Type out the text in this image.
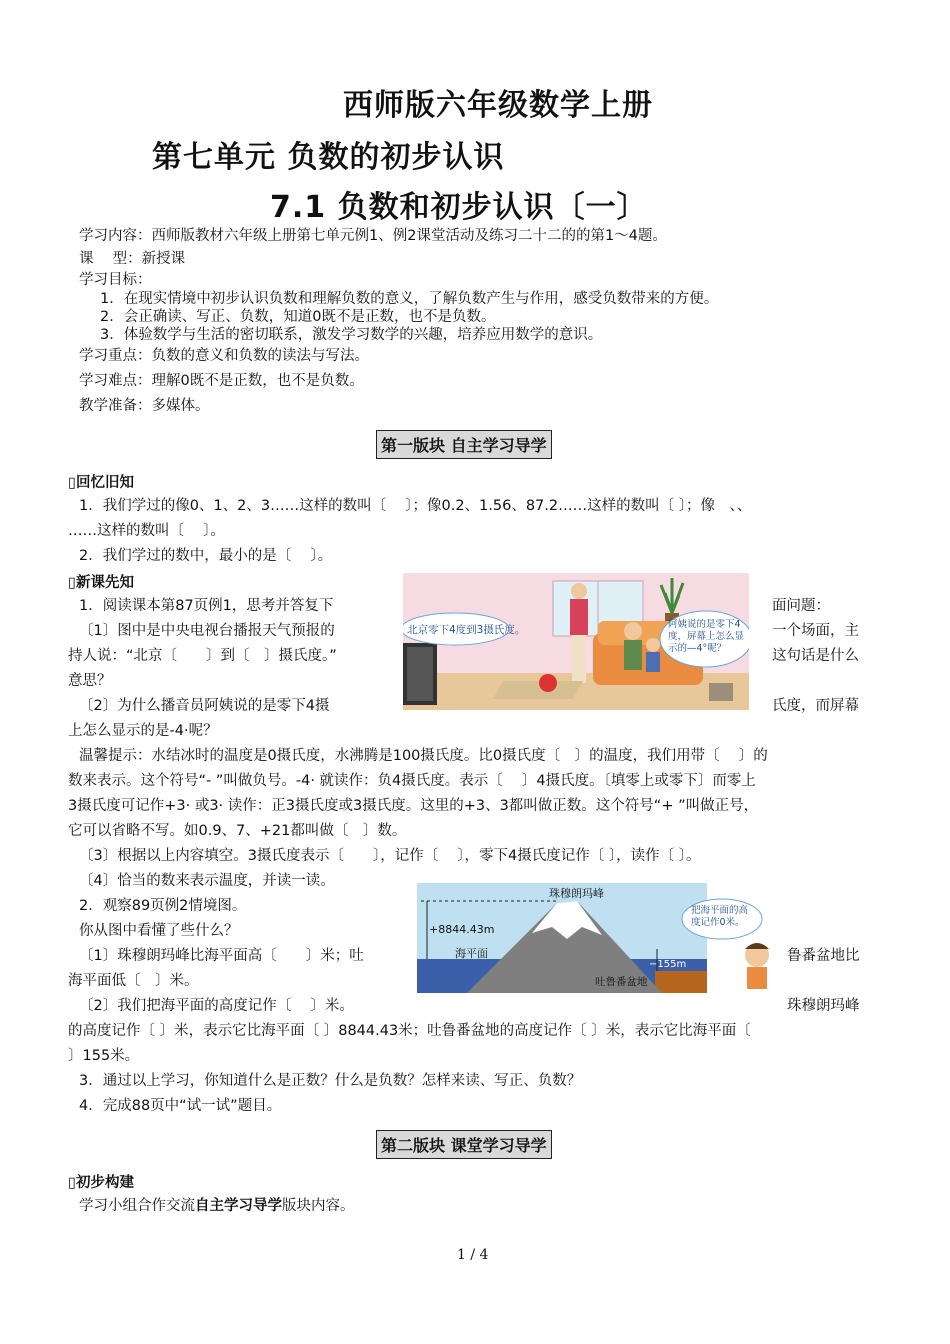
西师版六年级数学上册
第七单元 负数的初步认识
7.1 负数和初步认识〔一〕
学习内容：西师版教材六年级上册第七单元例1、例2课堂活动及练习二十二的的第1～4题。
课　 型：新授课
学习目标：
1．在现实情境中初步认识负数和理解负数的意义，了解负数产生与作用，感受负数带来的方便。
2．会正确读、写正、负数，知道0既不是正数，也不是负数。
3．体验数学与生活的密切联系，激发学习数学的兴趣，培养应用数学的意识。
学习重点：负数的意义和负数的读法与写法。
学习难点：理解0既不是正数，也不是负数。
教学准备：多媒体。
第一版块 自主学习导学
▯回忆旧知
1．我们学过的像0、1、2、3……这样的数叫〔　 〕；像0.2、1.56、87.2……这样的数叫〔 〕；像　、、
……这样的数叫〔　 〕。
2．我们学过的数中，最小的是〔　 〕。
▯新课先知
1．阅读课本第87页例1，思考并答复下	面问题：
〔1〕图中是中央电视台播报天气预报的	一个场面，主
持人说：“北京〔　　〕到〔　〕摄氏度。”	这句话是什么
意思？
〔2〕为什么播音员阿姨说的是零下4摄	氏度，而屏幕
上怎么显示的是-4·呢？
北京零下4度到3摄氏度。	阿姨说的是零下4度，屏幕上怎么显示的—4°呢？
温馨提示：水结冰时的温度是0摄氏度，水沸腾是100摄氏度。比0摄氏度〔　〕的温度，我们用带〔　 〕的
数来表示。这个符号“- ”叫做负号。-4· 就读作：负4摄氏度。表示〔　 〕4摄氏度。〔填零上或零下〕而零上
3摄氏度可记作+3· 或3· 读作：正3摄氏度或3摄氏度。这里的+3、3都叫做正数。这个符号“+ ”叫做正号，
它可以省略不写。如0.9、7、+21都叫做〔　〕数。
〔3〕根据以上内容填空。3摄氏度表示〔　　〕，记作〔　 〕，零下4摄氏度记作〔 〕，读作〔 〕。
〔4〕恰当的数来表示温度，并读一读。
2．观察89页例2情境图。
你从图中看懂了些什么？
〔1〕珠穆朗玛峰比海平面高〔　　〕米；吐	鲁番盆地比
海平面低〔　〕米。
〔2〕我们把海平面的高度记作〔　 〕米。	珠穆朗玛峰
的高度记作〔 〕米，表示它比海平面〔 〕8844.43米；吐鲁番盆地的高度记作〔 〕米，表示它比海平面〔
〕155米。
珠穆朗玛峰
+8844.43m
海平面
−155m
吐鲁番盆地
把海平面的高度记作0米。
3．通过以上学习，你知道什么是正数？什么是负数？怎样来读、写正、负数？
4．完成88页中“试一试”题目。
第二版块 课堂学习导学
▯初步构建
学习小组合作交流自主学习导学版块内容。
1 / 4
